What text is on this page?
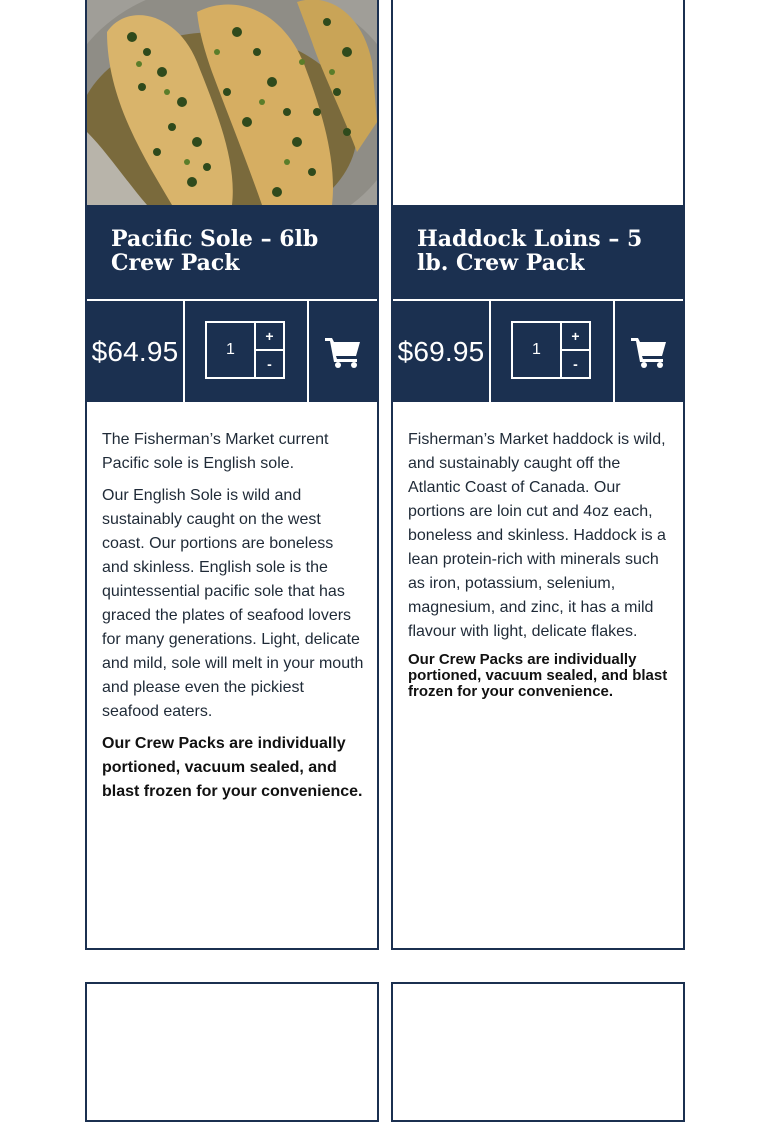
Pacific Sole – 6lb Crew Pack
$64.95	1
+
-

The Fisherman’s Market current Pacific sole is English sole.

Our English Sole is wild and sustainably caught on the west coast. Our portions are boneless and skinless. English sole is the quintessential pacific sole that has graced the plates of seafood lovers for many generations. Light, delicate and mild, sole will melt in your mouth and please even the pickiest seafood eaters.

Our Crew Packs are individually portioned, vacuum sealed, and blast frozen for your convenience.

Haddock Loins – 5 lb. Crew Pack
$69.95	1
+
-

Fisherman’s Market haddock is wild, and sustainably caught off the Atlantic Coast of Canada. Our portions are loin cut and 4oz each, boneless and skinless. Haddock is a lean protein-rich with minerals such as iron, potassium, selenium, magnesium, and zinc, it has a mild flavour with light, delicate flakes.

Our Crew Packs are individually portioned, vacuum sealed, and blast frozen for your convenience.
